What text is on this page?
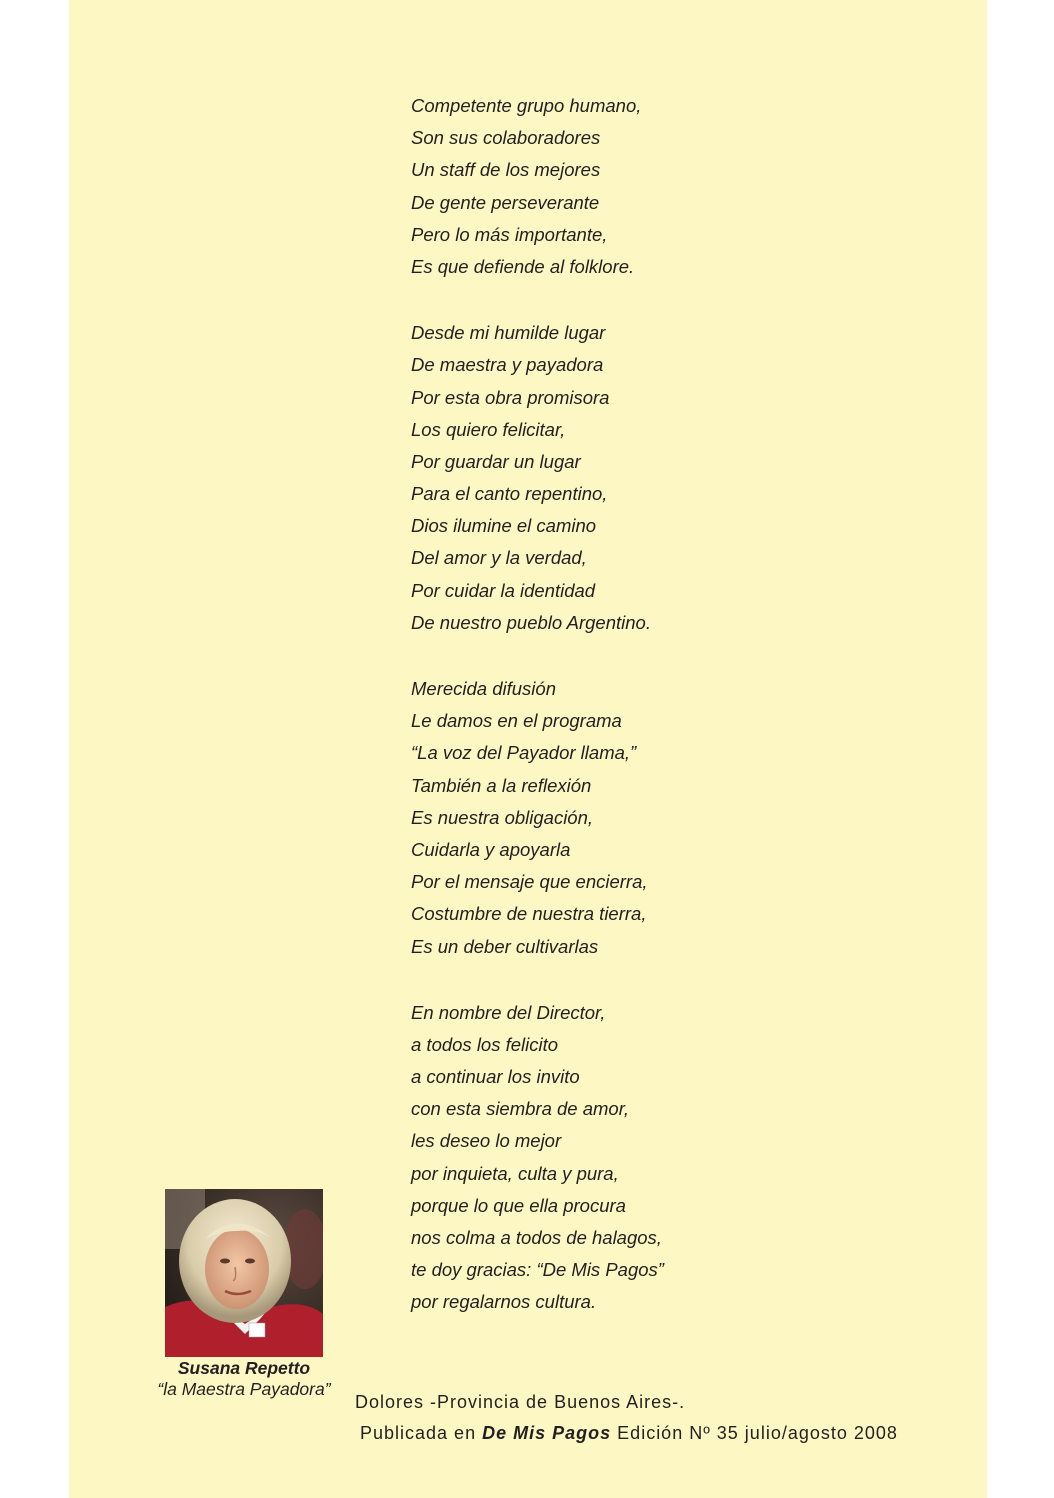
Competente grupo humano,
Son sus colaboradores
Un staff de los mejores
De gente perseverante
Pero lo más importante,
Es que defiende al folklore.
Desde mi humilde lugar
De maestra y payadora
Por esta obra promisora
Los quiero felicitar,
Por guardar un lugar
Para el canto repentino,
Dios ilumine el camino
Del amor y la verdad,
Por cuidar la identidad
De nuestro pueblo Argentino.
Merecida difusión
Le damos en el programa
“La voz del Payador llama,”
También a la reflexión
Es nuestra obligación,
Cuidarla y apoyarla
Por el mensaje que encierra,
Costumbre de nuestra tierra,
Es un deber cultivarlas
En nombre del Director,
a todos los felicito
a continuar los invito
con esta siembra de amor,
les deseo lo mejor
por inquieta, culta y pura,
porque lo que ella procura
nos colma a todos de halagos,
te doy gracias: “De Mis Pagos”
por regalarnos cultura.
Susana Repetto
“la Maestra Payadora”
Dolores -Provincia de Buenos Aires-.
Publicada en De Mis Pagos Edición Nº 35 julio/agosto 2008
